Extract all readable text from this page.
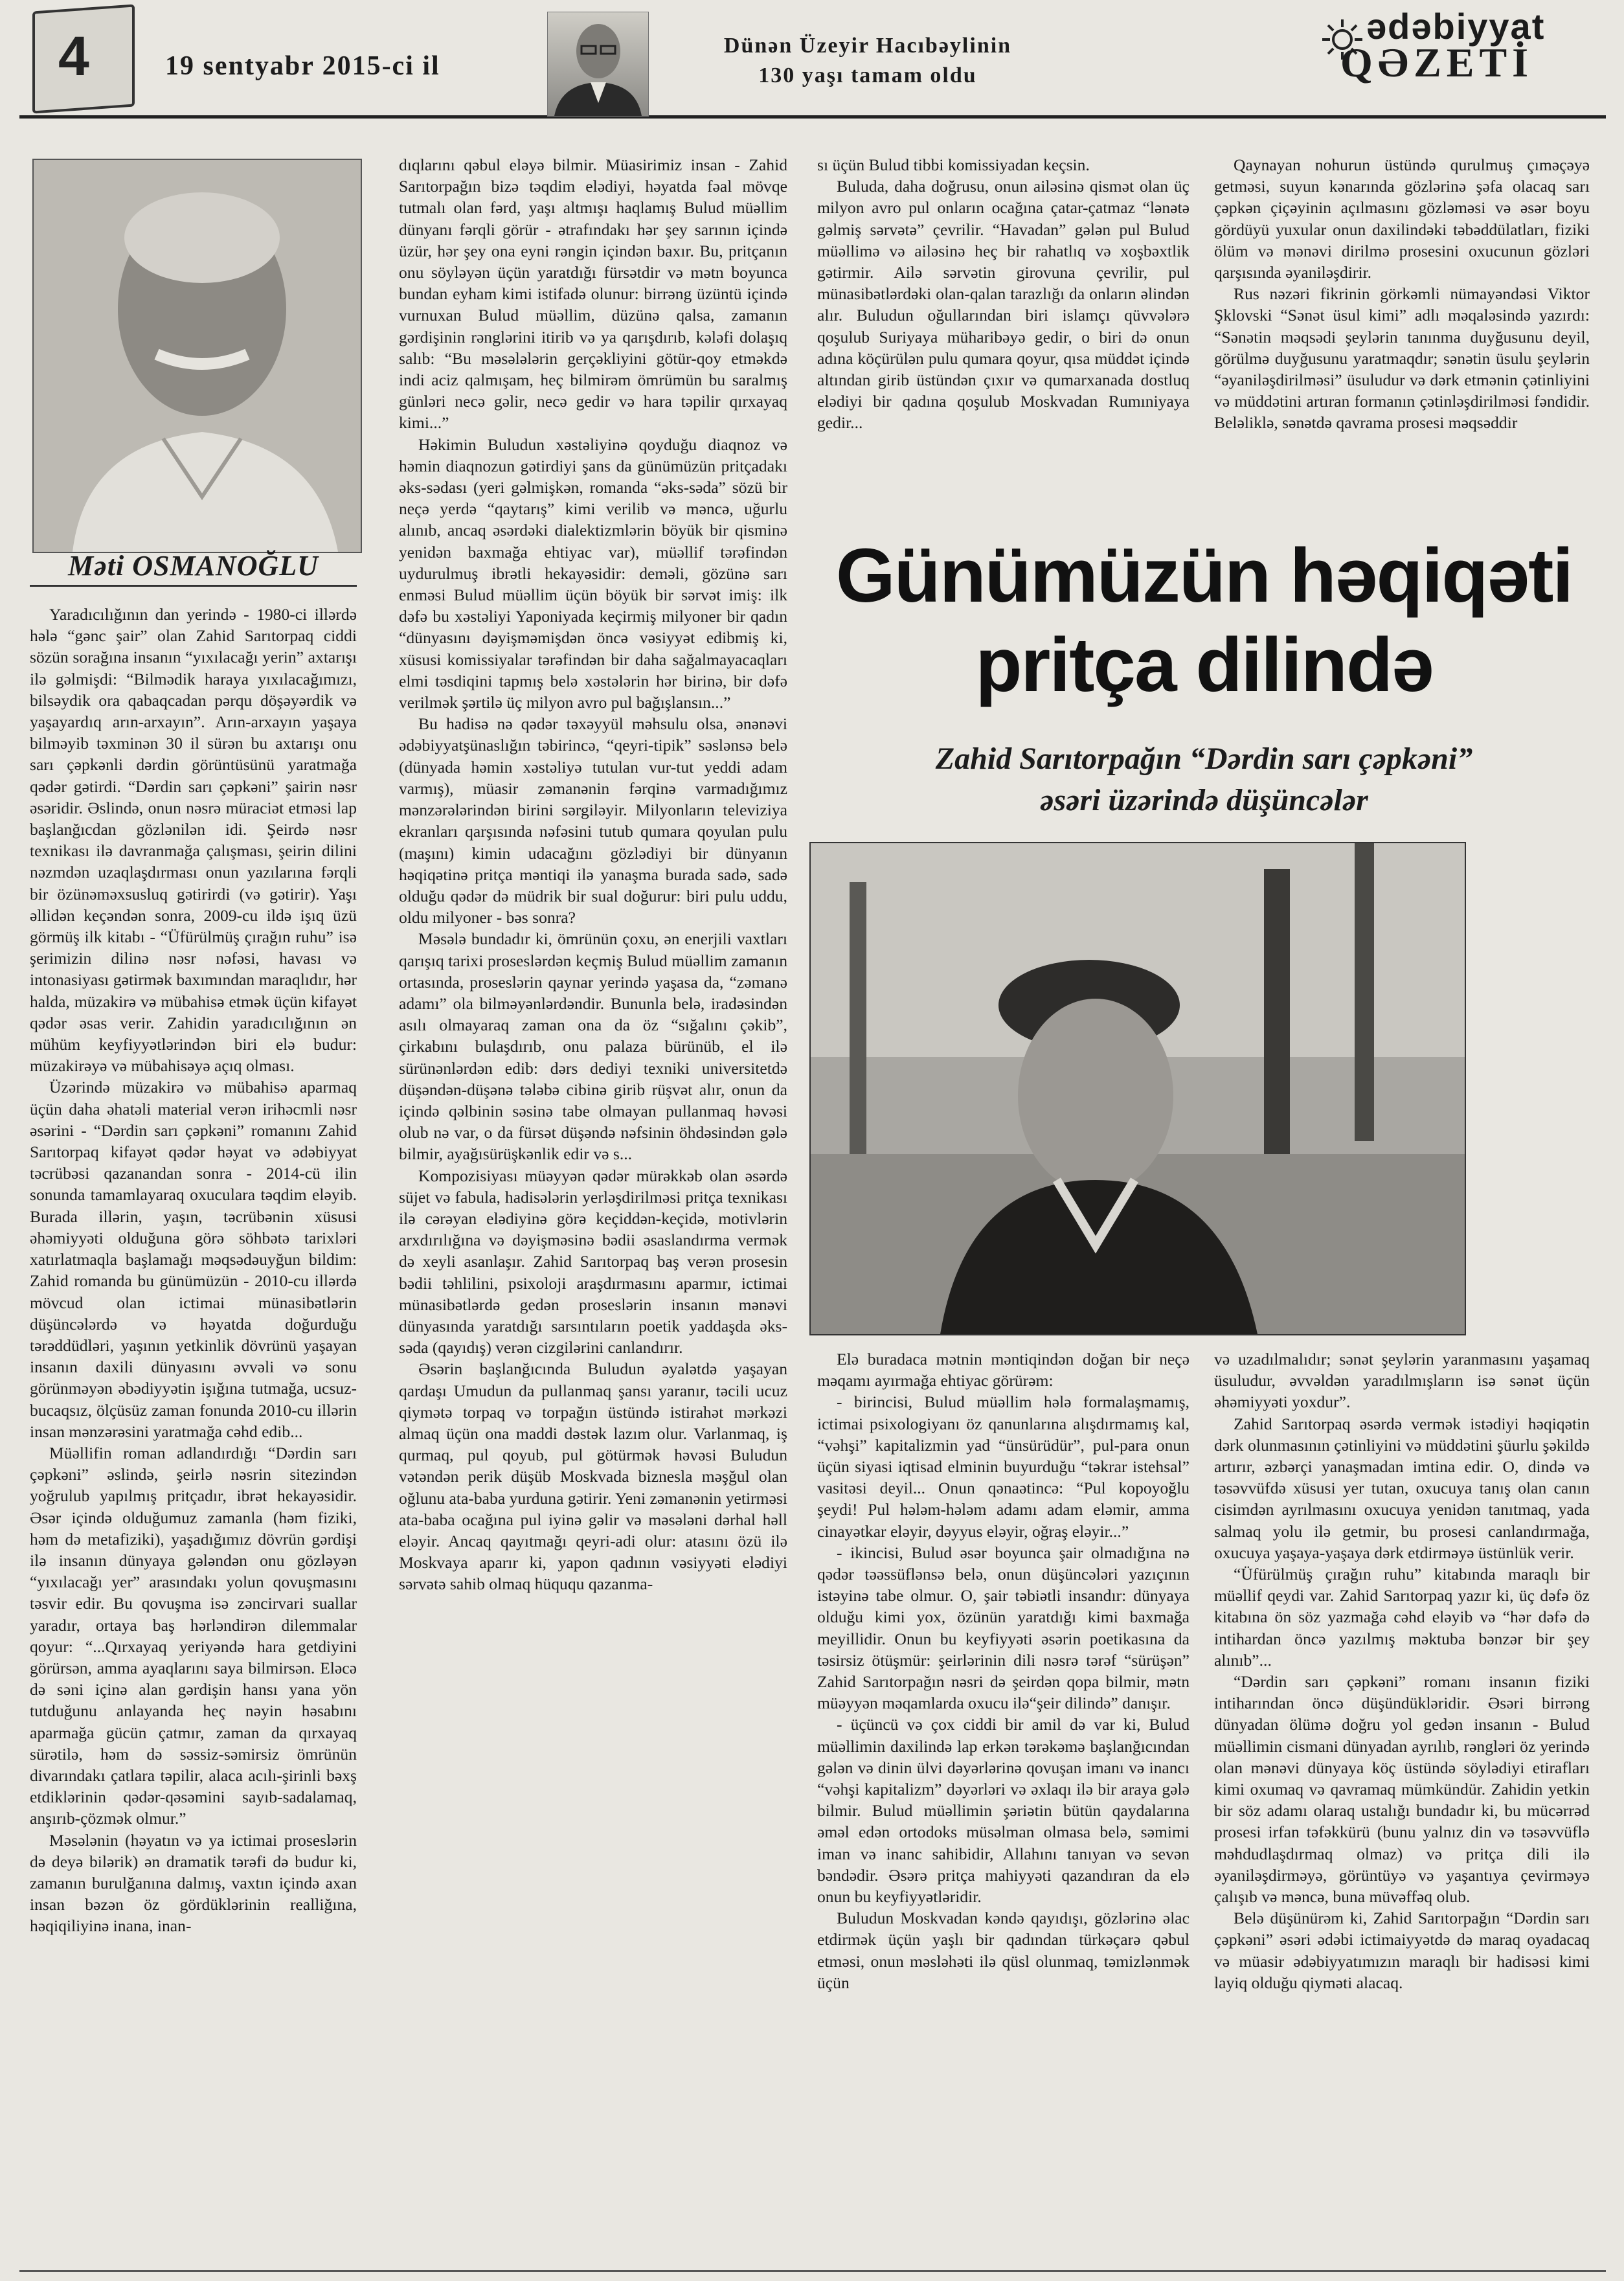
4	19 sentyabr 2015-ci il
Dünən Üzeyir Hacıbəylinin
130 yaşı tamam oldu
ədəbiyyat
QƏZETİ
Məti OSMANOĞLU

Yaradıcılığının dan yerində - 1980-ci illərdə hələ “gənc şair” olan Zahid Sarıtorpaq ciddi sözün sorağına insanın “yıxılacağı yerin” axtarışı ilə gəlmişdi: “Bilmədik haraya yıxılacağımızı, bilsəydik ora qabaqcadan pərqu döşəyərdik və yaşayardıq arın-arxayın”. Arın-arxayın yaşaya bilməyib təxminən 30 il sürən bu axtarışı onu sarı çəpkənli dərdin görüntüsünü yaratmağa qədər gətirdi. “Dərdin sarı çəpkəni” şairin nəsr əsəridir. Əslində, onun nəsrə müraciət etməsi lap başlanğıcdan gözlənilən idi. Şeirdə nəsr texnikası ilə davranmağa çalışması, şeirin dilini nəzmdən uzaqlaşdırması onun yazılarına fərqli bir özünəməxsusluq gətirirdi (və gətirir). Yaşı əllidən keçəndən sonra, 2009-cu ildə işıq üzü görmüş ilk kitabı - “Üfürülmüş çırağın ruhu” isə şerimizin dilinə nəsr nəfəsi, havası və intonasiyası gətirmək baxımından maraqlıdır, hər halda, müzakirə və mübahisə etmək üçün kifayət qədər əsas verir. Zahidin yaradıcılığının ən mühüm keyfiyyətlərindən biri elə budur: müzakirəyə və mübahisəyə açıq olması.

Üzərində müzakirə və mübahisə aparmaq üçün daha əhatəli material verən irihəcmli nəsr əsərini - “Dərdin sarı çəpkəni” romanını Zahid Sarıtorpaq kifayət qədər həyat və ədəbiyyat təcrübəsi qazanandan sonra - 2014-cü ilin sonunda tamamlayaraq oxucularа təqdim eləyib. Burada illərin, yaşın, təcrübənin xüsusi əhəmiyyəti olduğuna görə söhbətə tarixləri xatırlatmaqla başlamağı məqsədəuyğun bildim: Zahid romanda bu günümüzün - 2010-cu illərdə mövcud olan ictimai münasibətlərin düşüncələrdə və həyatda doğurduğu tərəddüdləri, yaşının yetkinlik dövrünü yaşayan insanın daxili dünyasını əvvəli və sonu görünməyən əbədiyyətin işığına tutmağa, ucsuz-bucaqsız, ölçüsüz zaman fonunda 2010-cu illərin insan mənzərəsini yaratmağa cəhd edib...

Müəllifin roman adlandırdığı “Dərdin sarı çəpkəni” əslində, şeirlə nəsrin sitezindən yoğrulub yapılmış pritçadır, ibrət hekayəsidir. Əsər içində olduğumuz zamanla (həm fiziki, həm də metafiziki), yaşadığımız dövrün gərdişi ilə insanın dünyaya gələndən onu gözləyən “yıxılacağı yer” arasındakı yolun qovuşmasını təsvir edir. Bu qovuşma isə zəncirvari suallar yaradır, ortaya baş hərləndirən dilemmalar qoyur: “...Qırxayaq yeriyəndə hara getdiyini görürsən, amma ayaqlarını saya bilmirsən. Eləcə də səni içinə alan gərdişin hansı yana yön tutduğunu anlayanda heç nəyin həsabını aparmağa gücün çatmır, zaman da qırxayaq sürətilə, həm də səssiz-səmirsiz ömrünün divarındakı çatlara təpilir, alaca acılı-şirinli bəxş etdiklərinin qədər-qəsəmini sayıb-sadalamaq, anşırıb-çözmək olmur.”

Məsələnin (həyatın və ya ictimai proseslərin də deyə bilərik) ən dramatik tərəfi də budur ki, zamanın burulğanına dalmış, vaxtın içində axan insan bəzən öz gördüklərinin realliğına, həqiqiliyinə inana, inan-

dıqlarını qəbul eləyə bilmir. Müasirimiz insan - Zahid Sarıtorpağın bizə təqdim elədiyi, həyatda fəal mövqe tutmalı olan fərd, yaşı altmışı haqlamış Bulud müəllim dünyanı fərqli görür - ətrafındakı hər şey sarının içində üzür, hər şey ona eyni rəngin içindən baxır. Bu, pritçanın onu söyləyən üçün yaratdığı fürsətdir və mətn boyunca bundan eyham kimi istifadə olunur: birrəng üzüntü içində vurnuxan Bulud müəllim, düzünə qalsa, zamanın gərdişinin rənglərini itirib və ya qarışdırıb, kələfi dolaşıq salıb: “Bu məsələlərin gerçəkliyini götür-qoy etməkdə indi aciz qalmışam, heç bilmirəm ömrümün bu saralmış günləri necə gəlir, necə gedir və hara təpilir qırxayaq kimi...”

Həkimin Buludun xəstəliyinə qoyduğu diaqnoz və həmin diaqnozun gətirdiyi şans da günümüzün pritçadakı əks-sədası (yeri gəlmişkən, romanda “əks-səda” sözü bir neçə yerdə “qaytarış” kimi verilib və məncə, uğurlu alınıb, ancaq əsərdəki dialektizmlərin böyük bir qisminə yenidən baxmağa ehtiyac var), müəllif tərəfindən uydurulmuş ibrətli hekayəsidir: deməli, gözünə sarı enməsi Bulud müəllim üçün böyük bir sərvət imiş: ilk dəfə bu xəstəliyi Yaponiyada keçirmiş milyoner bir qadın “dünyasını dəyişməmişdən öncə vəsiyyət edibmiş ki, xüsusi komissiyalar tərəfindən bir daha sağalmayacaqları elmi təsdiqini tapmış belə xəstələrin hər birinə, bir dəfə verilmək şərtilə üç milyon avro pul bağışlansın...”

Bu hadisə nə qədər təxəyyül məhsulu olsa, ənənəvi ədəbiyyatşünaslığın təbirincə, “qeyri-tipik” səslənsə belə (dünyada həmin xəstəliyə tutulan vur-tut yeddi adam varmış), müasir zəmanənin fərqinə varmadığımız mənzərələrindən birini sərgiləyir. Milyonların televiziya ekranları qarşısında nəfəsini tutub qumara qoyulan pulu (maşını) kimin udacağını gözlədiyi bir dünyanın həqiqətinə pritça məntiqi ilə yanaşma burada sadə, sadə olduğu qədər də müdrik bir sual doğurur: biri pulu uddu, oldu milyoner - bəs sonra?

Məsələ bundadır ki, ömrünün çoxu, ən enerjili vaxtları qarışıq tarixi proseslərdən keçmiş Bulud müəllim zamanın ortasında, proseslərin qaynar yerində yaşasa da, “zəmanə adamı” ola bilməyənlərdəndir. Bununla belə, iradəsindən asılı olmayaraq zaman ona da öz “sığalını çəkib”, çirkabını bulaşdırıb, onu palaza bürünüb, el ilə sürünənlərdən edib: dərs dediyi texniki universitetdə düşəndən-düşənə tələbə cibinə girib rüşvət alır, onun da içində qəlbinin səsinə tabe olmayan pullanmaq həvəsi olub nə var, o da fürsət düşəndə nəfsinin öhdəsindən gələ bilmir, ayağısürüşkənlik edir və s...

Kompozisiyası müəyyən qədər mürəkkəb olan əsərdə süjet və fabula, hadisələrin yerləşdirilməsi pritça texnikası ilə cərəyan elədiyinə görə keçiddən-keçidə, motivlərin arxdırılığına və dəyişməsinə bədii əsaslandırma vermək də xeyli asanlaşır. Zahid Sarıtorpaq baş verən prosesin bədii təhlilini, psixoloji araşdırmasını aparmır, ictimai münasibətlərdə gedən proseslərin insanın mənəvi dünyasında yaratdığı sarsıntıların poetik yaddaşda əks-səda (qayıdış) verən cizgilərini canlandırır.

Əsərin başlanğıcında Buludun əyalətdə yaşayan qardaşı Umudun da pullanmaq şansı yaranır, təcili ucuz qiymətə torpaq və torpağın üstündə istirahət mərkəzi almaq üçün ona maddi dəstək lazım olur. Varlanmaq, iş qurmaq, pul qoyub, pul götürmək həvəsi Buludun vətəndən perik düşüb Moskvada biznesla məşğul olan oğlunu ata-baba yurduna gətirir. Yeni zəmanənin yetirməsi ata-baba ocağına pul iyinə gəlir və məsələni dərhal həll eləyir. Ancaq qayıtmağı qeyri-adi olur: atasını özü ilə Moskvaya aparır ki, yapon qadının vəsiyyəti elədiyi sərvətə sahib olmaq hüququ qazanmа-

sı üçün Bulud tibbi komissiyadan keçsin.

Buluda, daha doğrusu, onun ailəsinə qismət olan üç milyon avro pul onların ocağına çatar-çatmaz “lənətə gəlmiş sərvətə” çevrilir. “Havadan” gələn pul Bulud müəllimə və ailəsinə heç bir rahatlıq və xoşbəxtlik gətirmir. Ailə sərvətin girovuna çevrilir, pul münasibətlərdəki olan-qalan tarazlığı da onların əlindən alır. Buludun oğullarından biri islamçı qüvvələrə qoşulub Suriyaya müharibəyə gedir, o biri də onun adına köçürülən pulu qumara qoyur, qısa müddət içində altından girib üstündən çıxır və qumarxanada dostluq elədiyi bir qadına qoşulub Moskvadan Rumıniyaya gedir...

Qaynayan nohurun üstündə qurulmuş çıməçəyə getməsi, suyun kənarında gözlərinə şəfa olacaq sarı çəpkən çiçəyinin açılmasını gözləməsi və əsər boyu gördüyü yuxular onun daxilindəki təbəddülatları, fiziki ölüm və mənəvi dirilmə prosesini oxucunun gözləri qarşısında əyaniləşdirir.

Rus nəzəri fikrinin görkəmli nümayəndəsi Viktor Şklovski “Sənət üsul kimi” adlı məqaləsində yazırdı: “Sənətin məqsədi şeylərin tanınma duyğusunu deyil, görülmə duyğusunu yaratmaqdır; sənətin üsulu şeylərin “əyaniləşdirilməsi” üsuludur və dərk etmənin çətinliyini və müddətini artıran formanın çətinləşdirilməsi fəndidir. Beləliklə, sənətdə qavrama prosesi məqsəddir

Günümüzün həqiqəti
pritça dilində
Zahid Sarıtorpağın “Dərdin sarı çəpkəni”
əsəri üzərində düşüncələr

Elə buradaca mətnin məntiqindən doğan bir neçə məqamı ayırmağa ehtiyac görürəm:

- birincisi, Bulud müəllim hələ formalaşmamış, ictimai psixologiyanı öz qanunlarına alışdırmamış kal, “vəhşi” kapitalizmin yad “ünsürüdür”, pul-para onun üçün siyasi iqtisad elminin buyurduğu “təkrar istehsal” vasitəsi deyil... Onun qənaətincə: “Pul kopoyoğlu şeydi! Pul hələm-hələm adamı adam eləmir, amma cinayətkar eləyir, dəyyus eləyir, oğraş eləyir...”

- ikincisi, Bulud əsər boyunca şair olmadığına nə qədər təəssüflənsə belə, onun düşüncələri yazıçının istəyinə tabe olmur. O, şair təbiətli insandır: dünyaya olduğu kimi yox, özünün yaratdığı kimi baxmağa meyillidir. Onun bu keyfiyyəti əsərin poetikasına da təsirsiz ötüşmür: şeirlərinin dili nəsrə tərəf “sürüşən” Zahid Sarıtorpağın nəsri də şeirdən qopa bilmir, mətn müəyyən məqamlarda oxucu ilə“şeir dilində” danışır.

- üçüncü və çox ciddi bir amil də var ki, Bulud müəllimin daxilində lap erkən tərəkəmə başlanğıcından gələn və dinin ülvi dəyərlərinə qovuşan imanı və inancı “vəhşi kapitalizm” dəyərləri və əxlaqı ilə bir araya gələ bilmir. Bulud müəllimin şəriətin bütün qaydalarına əməl edən ortodoks müsəlman olmasa belə, səmimi iman və inanc sahibidir, Allahını tanıyan və sevən bəndədir. Əsərə pritça mahiyyəti qazandıran da elə onun bu keyfiyyətləridir.

Buludun Moskvadan kəndə qayıdışı, gözlərinə əlac etdirmək üçün yaşlı bir qadından türkəçarə qəbul etməsi, onun məsləhəti ilə qüsl olunmaq, təmizlənmək üçün

və uzadılmalıdır; sənət şeylərin yaranmasını yaşamaq üsuludur, əvvəldən yaradılmışların isə sənət üçün əhəmiyyəti yoxdur”.

Zahid Sarıtorpaq əsərdə vermək istədiyi həqiqətin dərk olunmasının çətinliyini və müddətini şüurlu şəkildə artırır, əzbərçi yanaşmadan imtina edir. O, dində və təsəvvüfdə xüsusi yer tutan, oxucuya tanış olan canın cisimdən ayrılmasını oxucuya yenidən tanıtmaq, yada salmaq yolu ilə getmir, bu prosesi canlandırmağa, oxucuya yaşaya-yaşaya dərk etdirməyə üstünlük verir.

“Üfürülmüş çırağın ruhu” kitabında maraqlı bir müəllif qeydi var. Zahid Sarıtorpaq yazır ki, üç dəfə öz kitabına ön söz yazmağa cəhd eləyib və “hər dəfə də intihardan öncə yazılmış məktuba bənzər bir şey alınıb”...

“Dərdin sarı çəpkəni” romanı insanın fiziki intiharından öncə düşündükləridir. Əsəri birrəng dünyadan ölümə doğru yol gedən insanın - Bulud müəllimin cismani dünyadan ayrılıb, rəngləri öz yerində olan mənəvi dünyaya köç üstündə söylədiyi etirafları kimi oxumaq və qavramaq mümkündür. Zahidin yetkin bir söz adamı olaraq ustalığı bundadır ki, bu mücərrəd prosesi irfan təfəkkürü (bunu yalnız din və təsəvvüflə məhdudlaşdırmaq olmaz) və pritça dili ilə əyaniləşdirməyə, görüntüyə və yaşantıya çevirməyə çalışıb və məncə, buna müvəffəq olub.

Belə düşünürəm ki, Zahid Sarıtorpağın “Dərdin sarı çəpkəni” əsəri ədəbi ictimaiyyətdə də maraq oyadacaq və müasir ədəbiyyatımızın maraqlı bir hadisəsi kimi layiq olduğu qiyməti alacaq.
